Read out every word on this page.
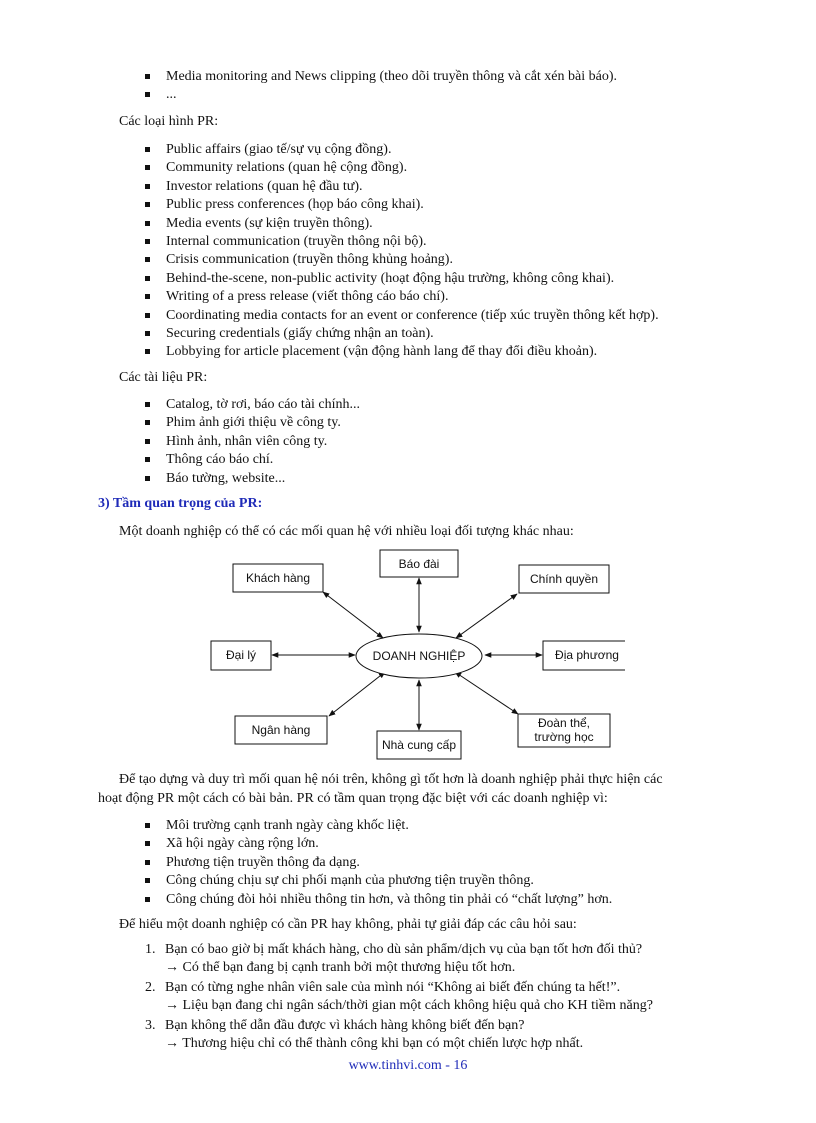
Media monitoring and News clipping (theo dõi truyền thông và cắt xén bài báo).
...
Các loại hình PR:
Public affairs (giao tế/sự vụ cộng đồng).
Community relations (quan hệ cộng đồng).
Investor relations (quan hệ đầu tư).
Public press conferences (họp báo công khai).
Media events (sự kiện truyền thông).
Internal communication (truyền thông nội bộ).
Crisis communication (truyền thông khủng hoảng).
Behind-the-scene, non-public activity (hoạt động hậu trường, không công khai).
Writing of a press release (viết thông cáo báo chí).
Coordinating media contacts for an event or conference (tiếp xúc truyền thông kết hợp).
Securing credentials (giấy chứng nhận an toàn).
Lobbying for article placement (vận động hành lang để thay đổi điều khoản).
Các tài liệu PR:
Catalog, tờ rơi, báo cáo tài chính...
Phim ảnh giới thiệu về công ty.
Hình ảnh, nhân viên công ty.
Thông cáo báo chí.
Báo tường, website...
3) Tầm quan trọng của PR:
Một doanh nghiệp có thể có các mối quan hệ với nhiều loại đối tượng khác nhau:
DOANH NGHIỆP
Báo đài
Khách hàng	Chính quyền
Đại lý	Địa phương
Ngân hàng
Nhà cung cấp
Đoàn thể,
trường học
Để tạo dựng và duy trì mối quan hệ nói trên, không gì tốt hơn là doanh nghiệp phải thực hiện các
hoạt động PR một cách có bài bản. PR có tầm quan trọng đặc biệt với các doanh nghiệp vì:
Môi trường cạnh tranh ngày càng khốc liệt.
Xã hội ngày càng rộng lớn.
Phương tiện truyền thông đa dạng.
Công chúng chịu sự chi phối mạnh của phương tiện truyền thông.
Công chúng đòi hỏi nhiều thông tin hơn, và thông tin phải có “chất lượng” hơn.
Để hiểu một doanh nghiệp có cần PR hay không, phải tự giải đáp các câu hỏi sau:
1. Bạn có bao giờ bị mất khách hàng, cho dù sản phẩm/dịch vụ của bạn tốt hơn đối thủ?
→ Có thể bạn đang bị cạnh tranh bởi một thương hiệu tốt hơn.
2. Bạn có từng nghe nhân viên sale của mình nói “Không ai biết đến chúng ta hết!”.
→ Liệu bạn đang chi ngân sách/thời gian một cách không hiệu quả cho KH tiềm năng?
3. Bạn không thể dẫn đầu được vì khách hàng không biết đến bạn?
→ Thương hiệu chỉ có thể thành công khi bạn có một chiến lược hợp nhất.
www.tinhvi.com - 16
